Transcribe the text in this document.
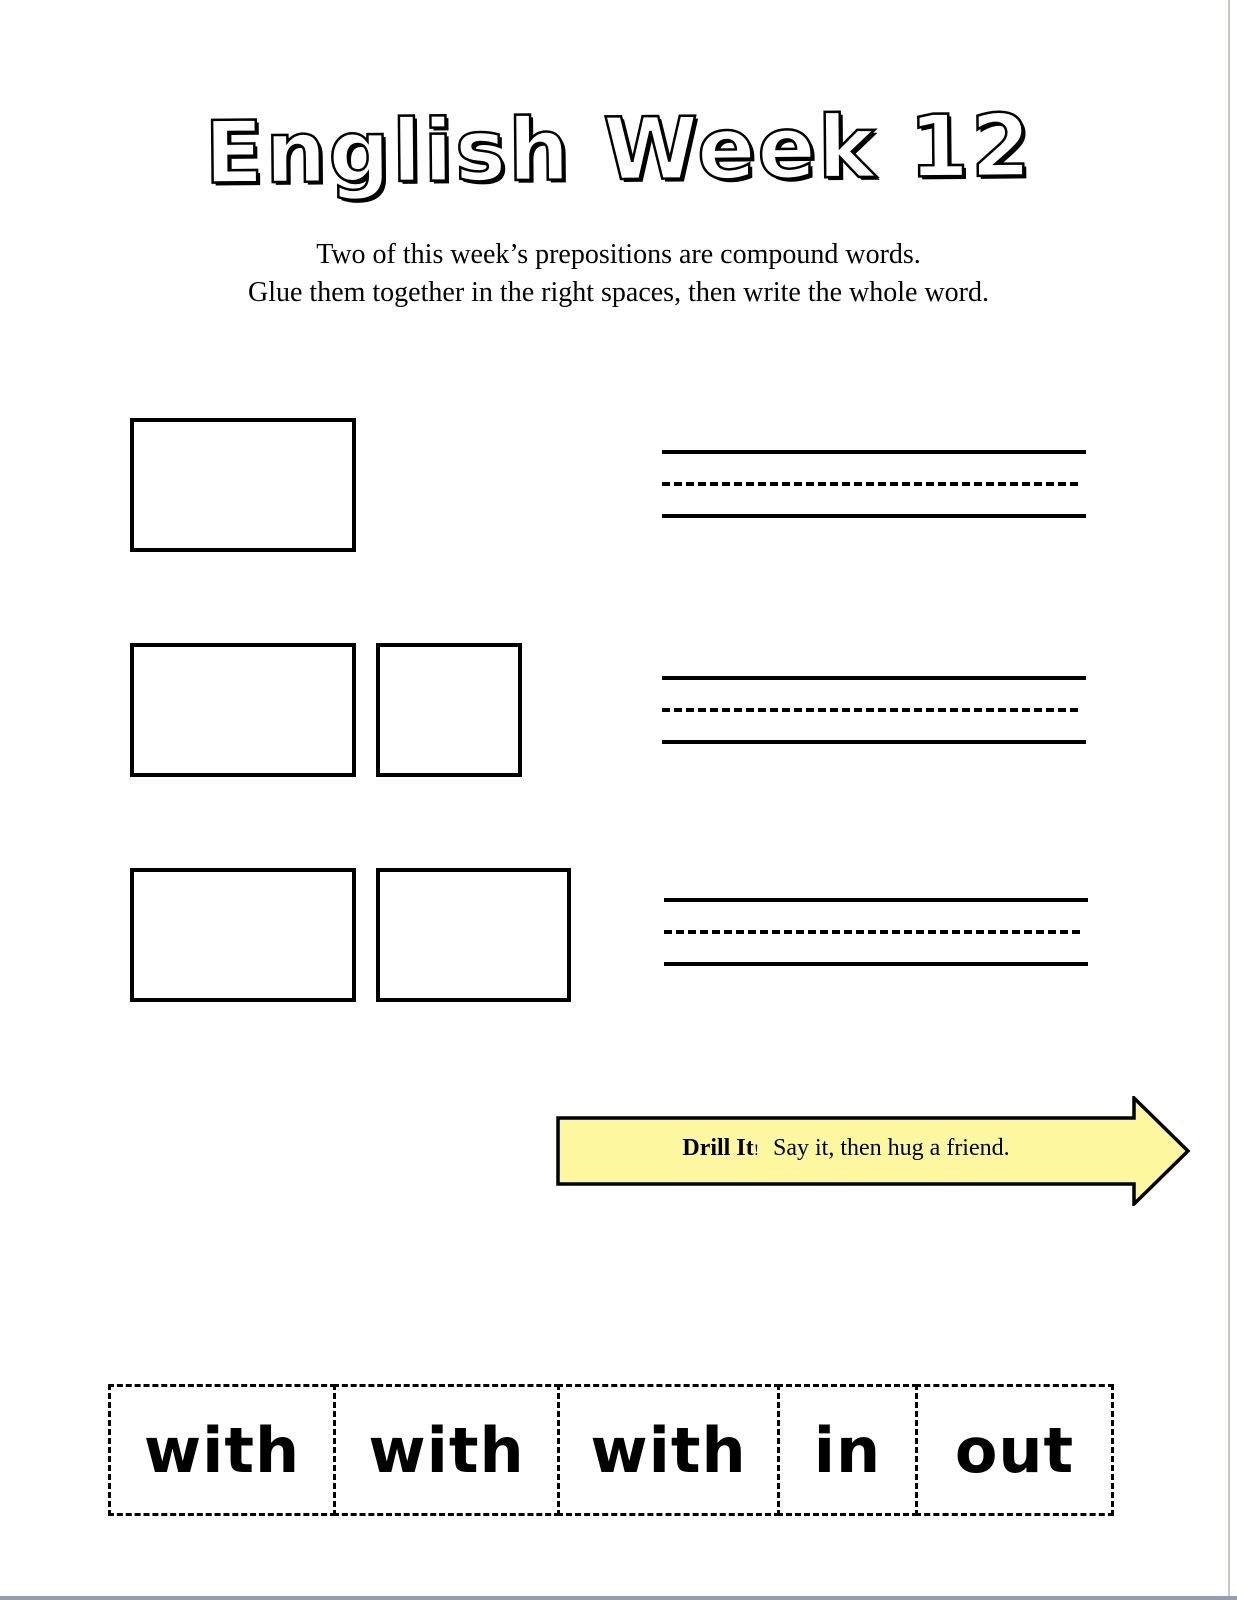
English Week 12
Two of this week’s prepositions are compound words.
Glue them together in the right spaces, then write the whole word.
Drill It! Say it, then hug a friend.
with	with	with	in	out
